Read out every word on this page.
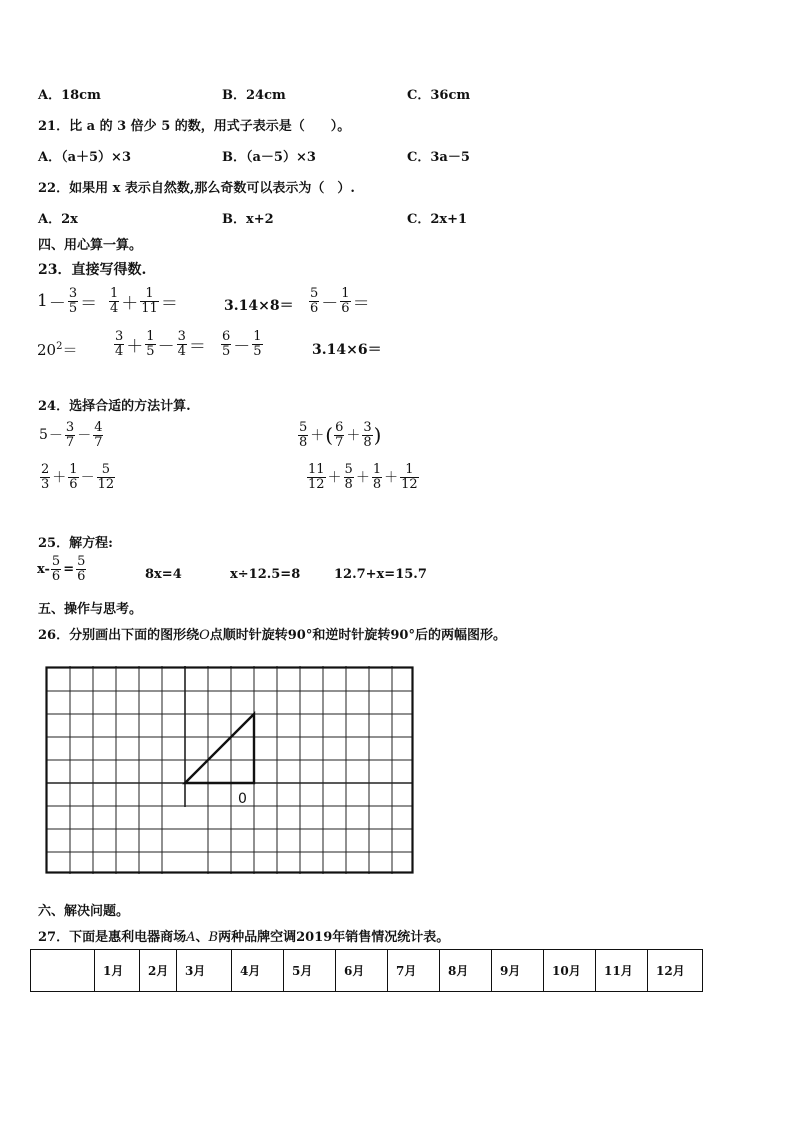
A．18cm	B．24cm	C．36cm
21．比 a 的 3 倍少 5 的数，用式子表示是（　　）。
A．（a＋5）×3	B．（a－5）×3	C．3a－5
22．如果用 x 表示自然数,那么奇数可以表示为（　）.
A．2x	B．x+2	C．2x+1
四、用心算一算。
23．直接写得数.
$1 - \frac{3}{5} = \frac{1}{4} + \frac{1}{11}$ ＝	$3.14\times 8= \frac{5}{6} - \frac{1}{6}$ ＝
$20^2=$	$\frac{3}{4} + \frac{1}{5} - \frac{3}{4} = \frac{6}{5} - \frac{1}{5}$	3.14×6＝
24．选择合适的方法计算.
$5 - \frac{3}{7} - \frac{4}{7}$	$\frac{5}{8}$ ＋ ( $\frac{6}{7} + \frac{3}{8}$ )
$\frac{2}{3} + \frac{1}{6} - \frac{5}{12}$	$\frac{11}{12} + \frac{5}{8} + \frac{1}{8} + \frac{1}{12}$
25．解方程:
$x- \frac{5}{6} = \frac{5}{6}$	8x=4	x÷12.5=8	12.7+x=15.7
五、操作与思考。
26．分别画出下面的图形绕O点顺时针旋转90°和逆时针旋转90°后的两幅图形。
0
六、解决问题。
27．下面是惠利电器商场A、B两种品牌空调2019年销售情况统计表。
	1月	2月	3月	4月	5月	6月	7月	8月	9月	10月	11月	12月
